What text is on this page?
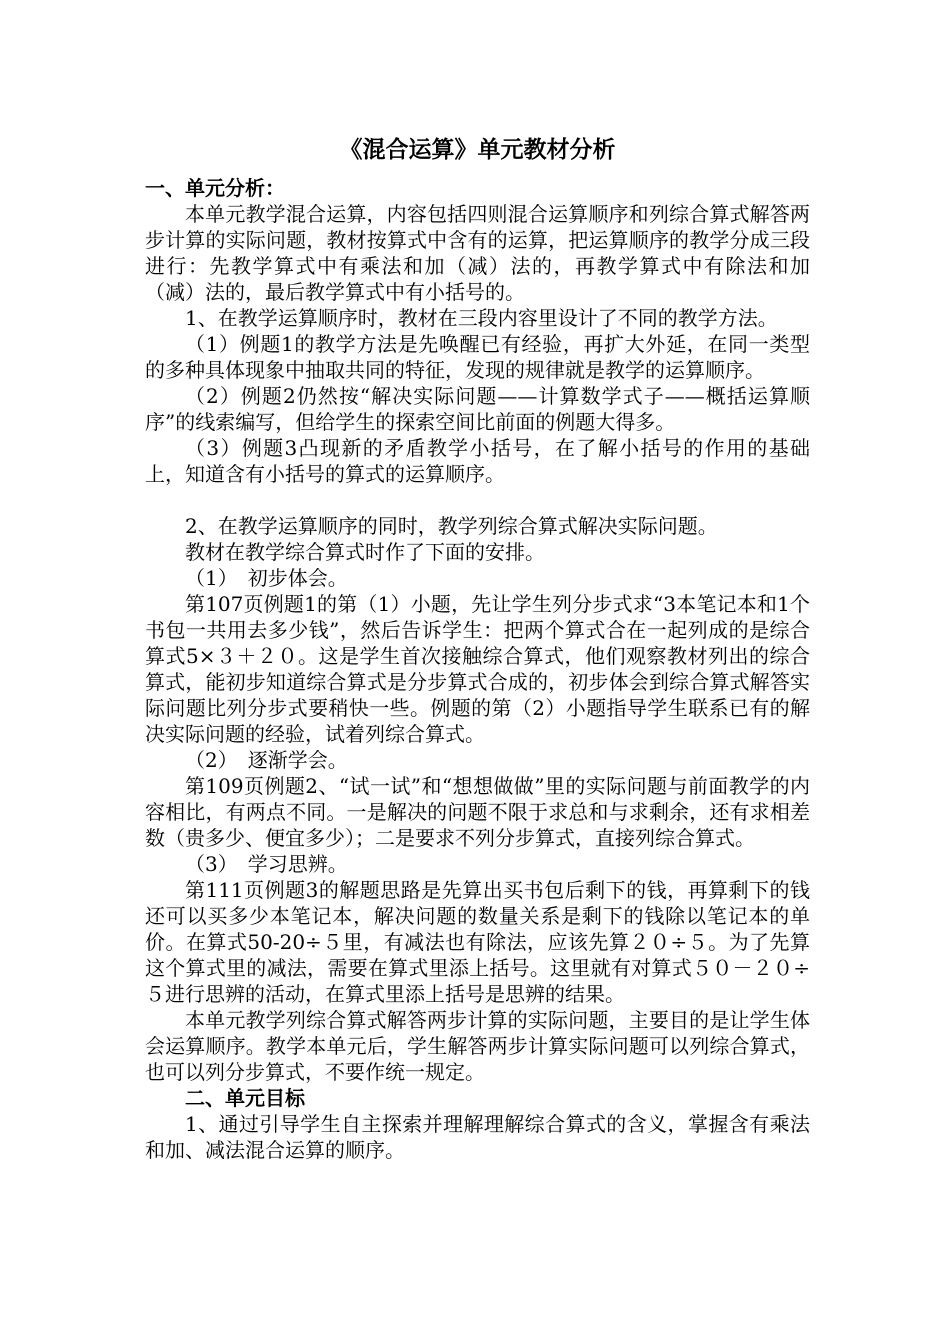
《混合运算》单元教材分析
一、单元分析：

本单元教学混合运算，内容包括四则混合运算顺序和列综合算式解答两步计算的实际问题，教材按算式中含有的运算，把运算顺序的教学分成三段进行：先教学算式中有乘法和加（减）法的，再教学算式中有除法和加（减）法的，最后教学算式中有小括号的。

1、在教学运算顺序时，教材在三段内容里设计了不同的教学方法。

（1）例题1的教学方法是先唤醒已有经验，再扩大外延，在同一类型的多种具体现象中抽取共同的特征，发现的规律就是教学的运算顺序。

（2）例题2仍然按“解决实际问题——计算数学式子——概括运算顺序”的线索编写，但给学生的探索空间比前面的例题大得多。

（3）例题3凸现新的矛盾教学小括号，在了解小括号的作用的基础上，知道含有小括号的算式的运算顺序。

2、在教学运算顺序的同时，教学列综合算式解决实际问题。

教材在教学综合算式时作了下面的安排。

（1）　初步体会。

第107页例题1的第（1）小题，先让学生列分步式求“3本笔记本和1个书包一共用去多少钱”，然后告诉学生：把两个算式合在一起列成的是综合算式5×３＋２０。这是学生首次接触综合算式，他们观察教材列出的综合算式，能初步知道综合算式是分步算式合成的，初步体会到综合算式解答实际问题比列分步式要稍快一些。例题的第（2）小题指导学生联系已有的解决实际问题的经验，试着列综合算式。

（2）　逐渐学会。

第109页例题2、“试一试”和“想想做做”里的实际问题与前面教学的内容相比，有两点不同。一是解决的问题不限于求总和与求剩余，还有求相差数（贵多少、便宜多少）；二是要求不列分步算式，直接列综合算式。

（3）　学习思辨。

第111页例题3的解题思路是先算出买书包后剩下的钱，再算剩下的钱还可以买多少本笔记本，解决问题的数量关系是剩下的钱除以笔记本的单价。在算式50-20÷５里，有减法也有除法，应该先算２０÷５。为了先算这个算式里的减法，需要在算式里添上括号。这里就有对算式５０－２０÷５进行思辨的活动，在算式里添上括号是思辨的结果。

本单元教学列综合算式解答两步计算的实际问题，主要目的是让学生体会运算顺序。教学本单元后，学生解答两步计算实际问题可以列综合算式，也可以列分步算式，不要作统一规定。

二、单元目标

1、通过引导学生自主探索并理解理解综合算式的含义，掌握含有乘法和加、减法混合运算的顺序。
